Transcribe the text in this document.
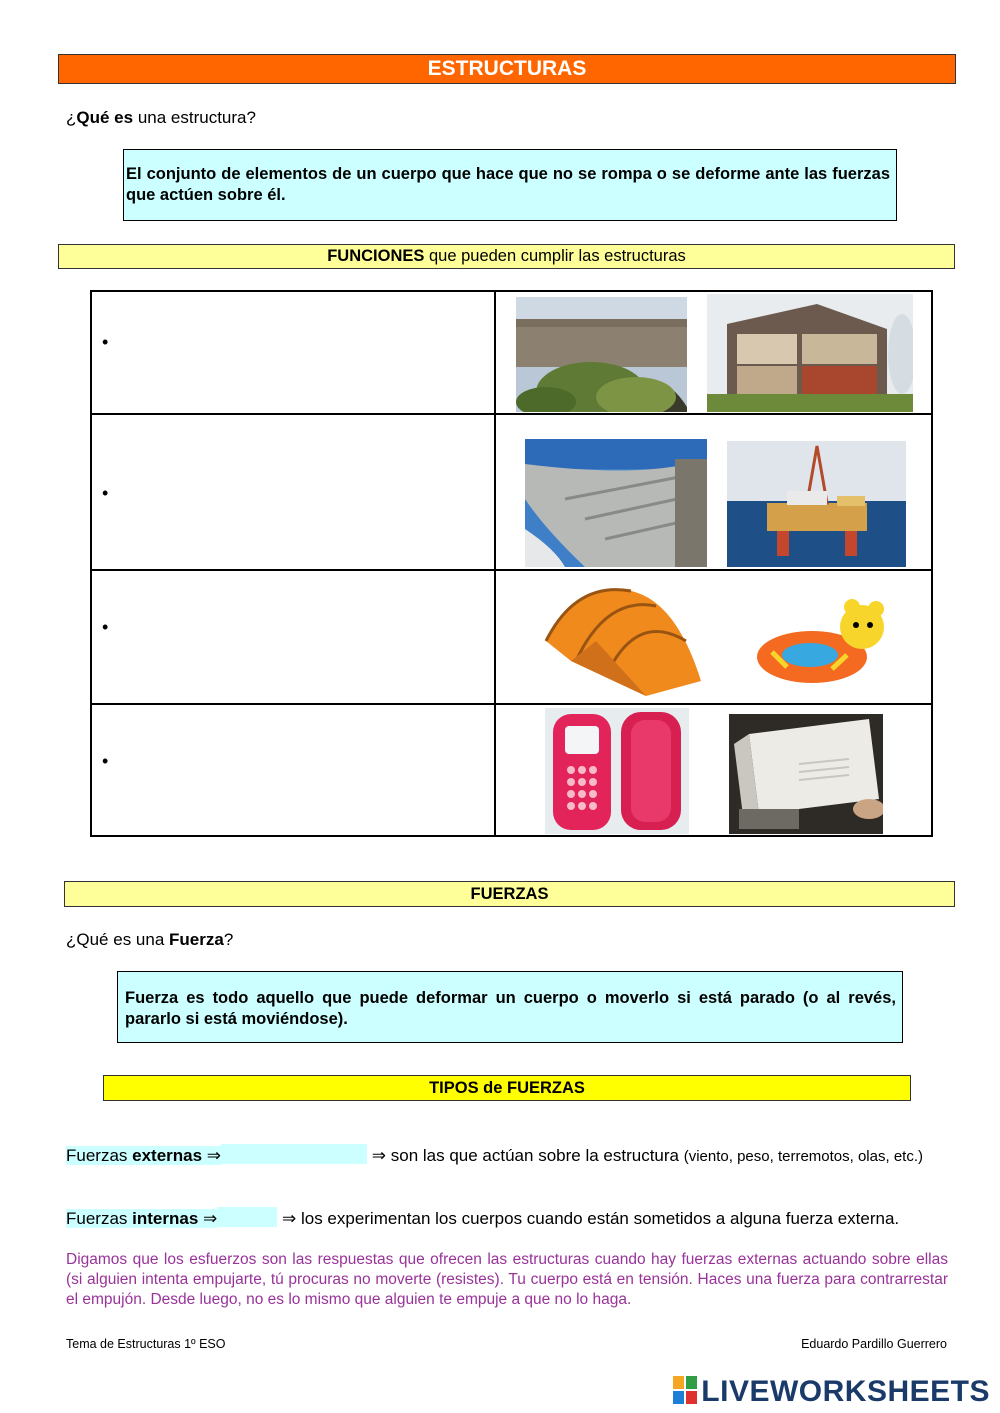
ESTRUCTURAS
¿Qué es una estructura?
El conjunto de elementos de un cuerpo que hace que no se rompa o se deforme ante las fuerzas que actúen sobre él.
FUNCIONES que pueden cumplir las estructuras
•

•

•

•

FUERZAS
¿Qué es una Fuerza?
Fuerza es todo aquello que puede deformar un cuerpo o moverlo si está parado (o al revés, pararlo si está moviéndose).
TIPOS de FUERZAS
Fuerzas externas ⇒	⇒ son las que actúan sobre la estructura (viento, peso, terremotos, olas, etc.)
Fuerzas internas ⇒	⇒ los experimentan los cuerpos cuando están sometidos a alguna fuerza externa.
Digamos que los esfuerzos son las respuestas que ofrecen las estructuras cuando hay fuerzas externas actuando sobre ellas (si alguien intenta empujarte, tú procuras no moverte (resistes). Tu cuerpo está en tensión. Haces una fuerza para contrarrestar el empujón. Desde luego, no es lo mismo que alguien te empuje a que no lo haga.
Tema de Estructuras 1º ESO	Eduardo Pardillo Guerrero
LIVEWORKSHEETS
